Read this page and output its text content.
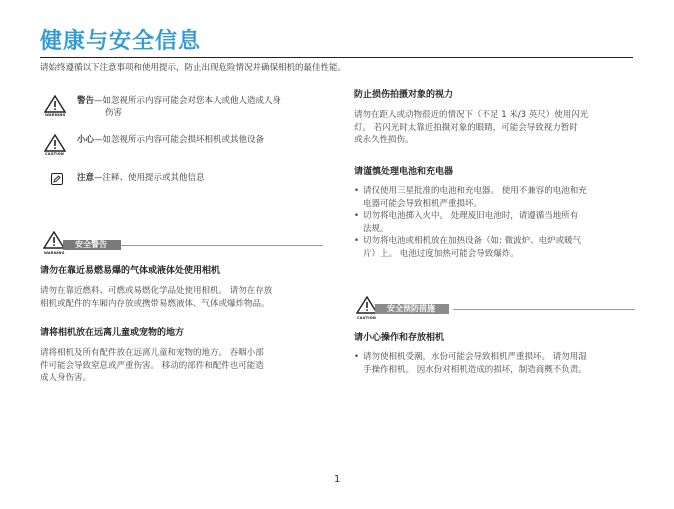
健康与安全信息
请始终遵循以下注意事项和使用提示，防止出现危险情况并确保相机的最佳性能。
WARNING
警告—如忽视所示内容可能会对您本人或他人造成人身
伤害
CAUTION
小心—如忽视所示内容可能会损坏相机或其他设备
注意—注释、使用提示或其他信息
WARNING
安全警告
请勿在靠近易燃易爆的气体或液体处使用相机
请勿在靠近燃料、可燃或易燃化学品处使用相机。 请勿在存放
相机或配件的车厢内存放或携带易燃液体、气体或爆炸物品。
请将相机放在远离儿童或宠物的地方
请将相机及所有配件放在远离儿童和宠物的地方。 吞咽小部
件可能会导致窒息或严重伤害。 移动的部件和配件也可能造
成人身伤害。
防止损伤拍摄对象的视力
请勿在距人或动物很近的情况下（不足 1 米/3 英尺）使用闪光
灯。 若闪光时太靠近拍摄对象的眼睛，可能会导致视力暂时
或永久性损伤。
请谨慎处理电池和充电器
• 请仅使用三星批准的电池和充电器。 使用不兼容的电池和充
电器可能会导致相机严重损坏。
• 切勿将电池掷入火中。 处理废旧电池时，请遵循当地所有
法规。
• 切勿将电池或相机放在加热设备（如: 微波炉、电炉或暖气
片）上。 电池过度加热可能会导致爆炸。
CAUTION
安全预防措施
请小心操作和存放相机
• 请勿使相机受潮，水份可能会导致相机严重损坏。 请勿用湿
手操作相机。 因水份对相机造成的损坏，制造商概不负责。
1
